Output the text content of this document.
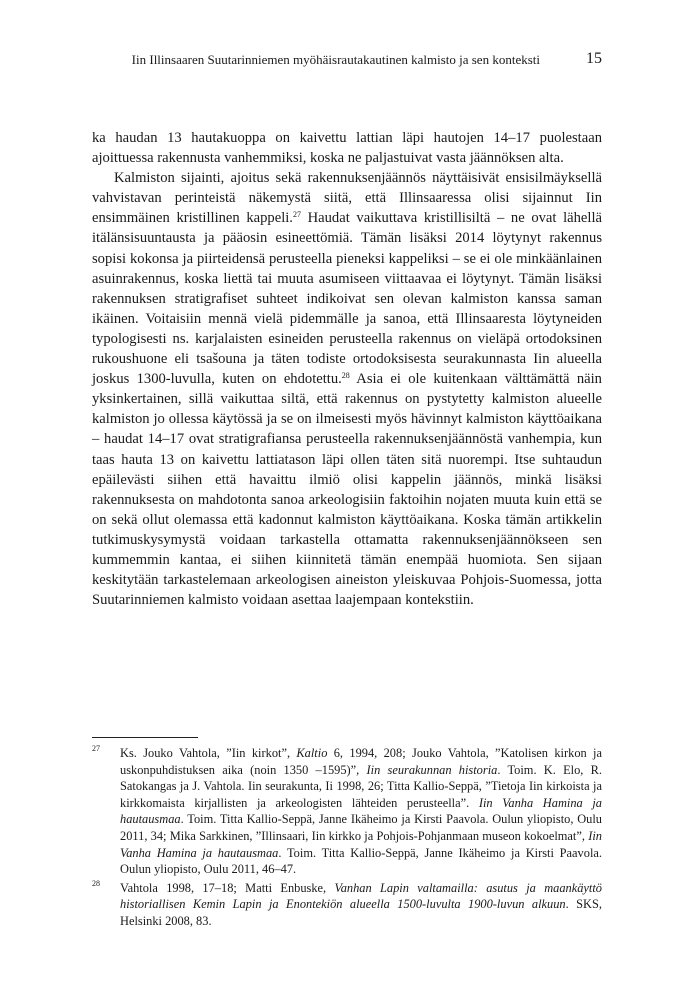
Iin Illinsaaren Suutarinniemen myöhäisrautakautinen kalmisto ja sen konteksti	15

ka haudan 13 hautakuoppa on kaivettu lattian läpi hautojen 14–17 puolestaan ajoittuessa rakennusta vanhemmiksi, koska ne paljastuivat vasta jäännöksen alta.

Kalmiston sijainti, ajoitus sekä rakennuksenjäännös näyttäisivät ensisilmäyksellä vahvistavan perinteistä näkemystä siitä, että Illinsaaressa olisi sijainnut Iin ensimmäinen kristillinen kappeli.$^{27}$ Haudat vaikuttava kristillisiltä – ne ovat lähellä itälänsisuuntausta ja pääosin esineettömiä. Tämän lisäksi 2014 löytynyt rakennus sopisi kokonsa ja piirteidensä perusteella pieneksi kappeliksi – se ei ole minkäänlainen asuinrakennus, koska liettä tai muuta asumiseen viittaavaa ei löytynyt. Tämän lisäksi rakennuksen stratigrafiset suhteet indikoivat sen olevan kalmiston kanssa saman ikäinen. Voitaisiin mennä vielä pidemmälle ja sanoa, että Illinsaaresta löytyneiden typologisesti ns. karjalaisten esineiden perusteella rakennus on vieläpä ortodoksinen rukoushuone eli tsašouna ja täten todiste ortodoksisesta seurakunnasta Iin alueella joskus 1300-luvulla, kuten on ehdotettu.$^{28}$ Asia ei ole kuitenkaan välttämättä näin yksinkertainen, sillä vaikuttaa siltä, että rakennus on pystytetty kalmiston alueelle kalmiston jo ollessa käytössä ja se on ilmeisesti myös hävinnyt kalmiston käyttöaikana – haudat 14–17 ovat stratigrafiansa perusteella rakennuksenjäännöstä vanhempia, kun taas hauta 13 on kaivettu lattiatason läpi ollen täten sitä nuorempi. Itse suhtaudun epäilevästi siihen että havaittu ilmiö olisi kappelin jäännös, minkä lisäksi rakennuksesta on mahdotonta sanoa arkeologisiin faktoihin nojaten muuta kuin että se on sekä ollut olemassa että kadonnut kalmiston käyttöaikana. Koska tämän artikkelin tutkimuskysymystä voidaan tarkastella ottamatta rakennuksenjäännökseen sen kummemmin kantaa, ei siihen kiinnitetä tämän enempää huomiota. Sen sijaan keskitytään tarkastelemaan arkeologisen aineiston yleiskuvaa Pohjois-Suomessa, jotta Suutarinniemen kalmisto voidaan asettaa laajempaan kontekstiin.

27 Ks. Jouko Vahtola, ”Iin kirkot”, Kaltio 6, 1994, 208; Jouko Vahtola, ”Katolisen kirkon ja uskonpuhdistuksen aika (noin 1350 –1595)”, Iin seurakunnan historia. Toim. K. Elo, R. Satokangas ja J. Vahtola. Iin seurakunta, Ii 1998, 26; Titta Kallio-Seppä, ”Tietoja Iin kirkoista ja kirkkomaista kirjallisten ja arkeologisten lähteiden perusteella”. Iin Vanha Hamina ja hautausmaa. Toim. Titta Kallio-Seppä, Janne Ikäheimo ja Kirsti Paavola. Oulun yliopisto, Oulu 2011, 34; Mika Sarkkinen, ”Illinsaari, Iin kirkko ja Pohjois-Pohjanmaan museon kokoelmat”, Iin Vanha Hamina ja hautausmaa. Toim. Titta Kallio-Seppä, Janne Ikäheimo ja Kirsti Paavola. Oulun yliopisto, Oulu 2011, 46–47.
28 Vahtola 1998, 17–18; Matti Enbuske, Vanhan Lapin valtamailla: asutus ja maankäyttö historiallisen Kemin Lapin ja Enontekiön alueella 1500-luvulta 1900-luvun alkuun. SKS, Helsinki 2008, 83.
